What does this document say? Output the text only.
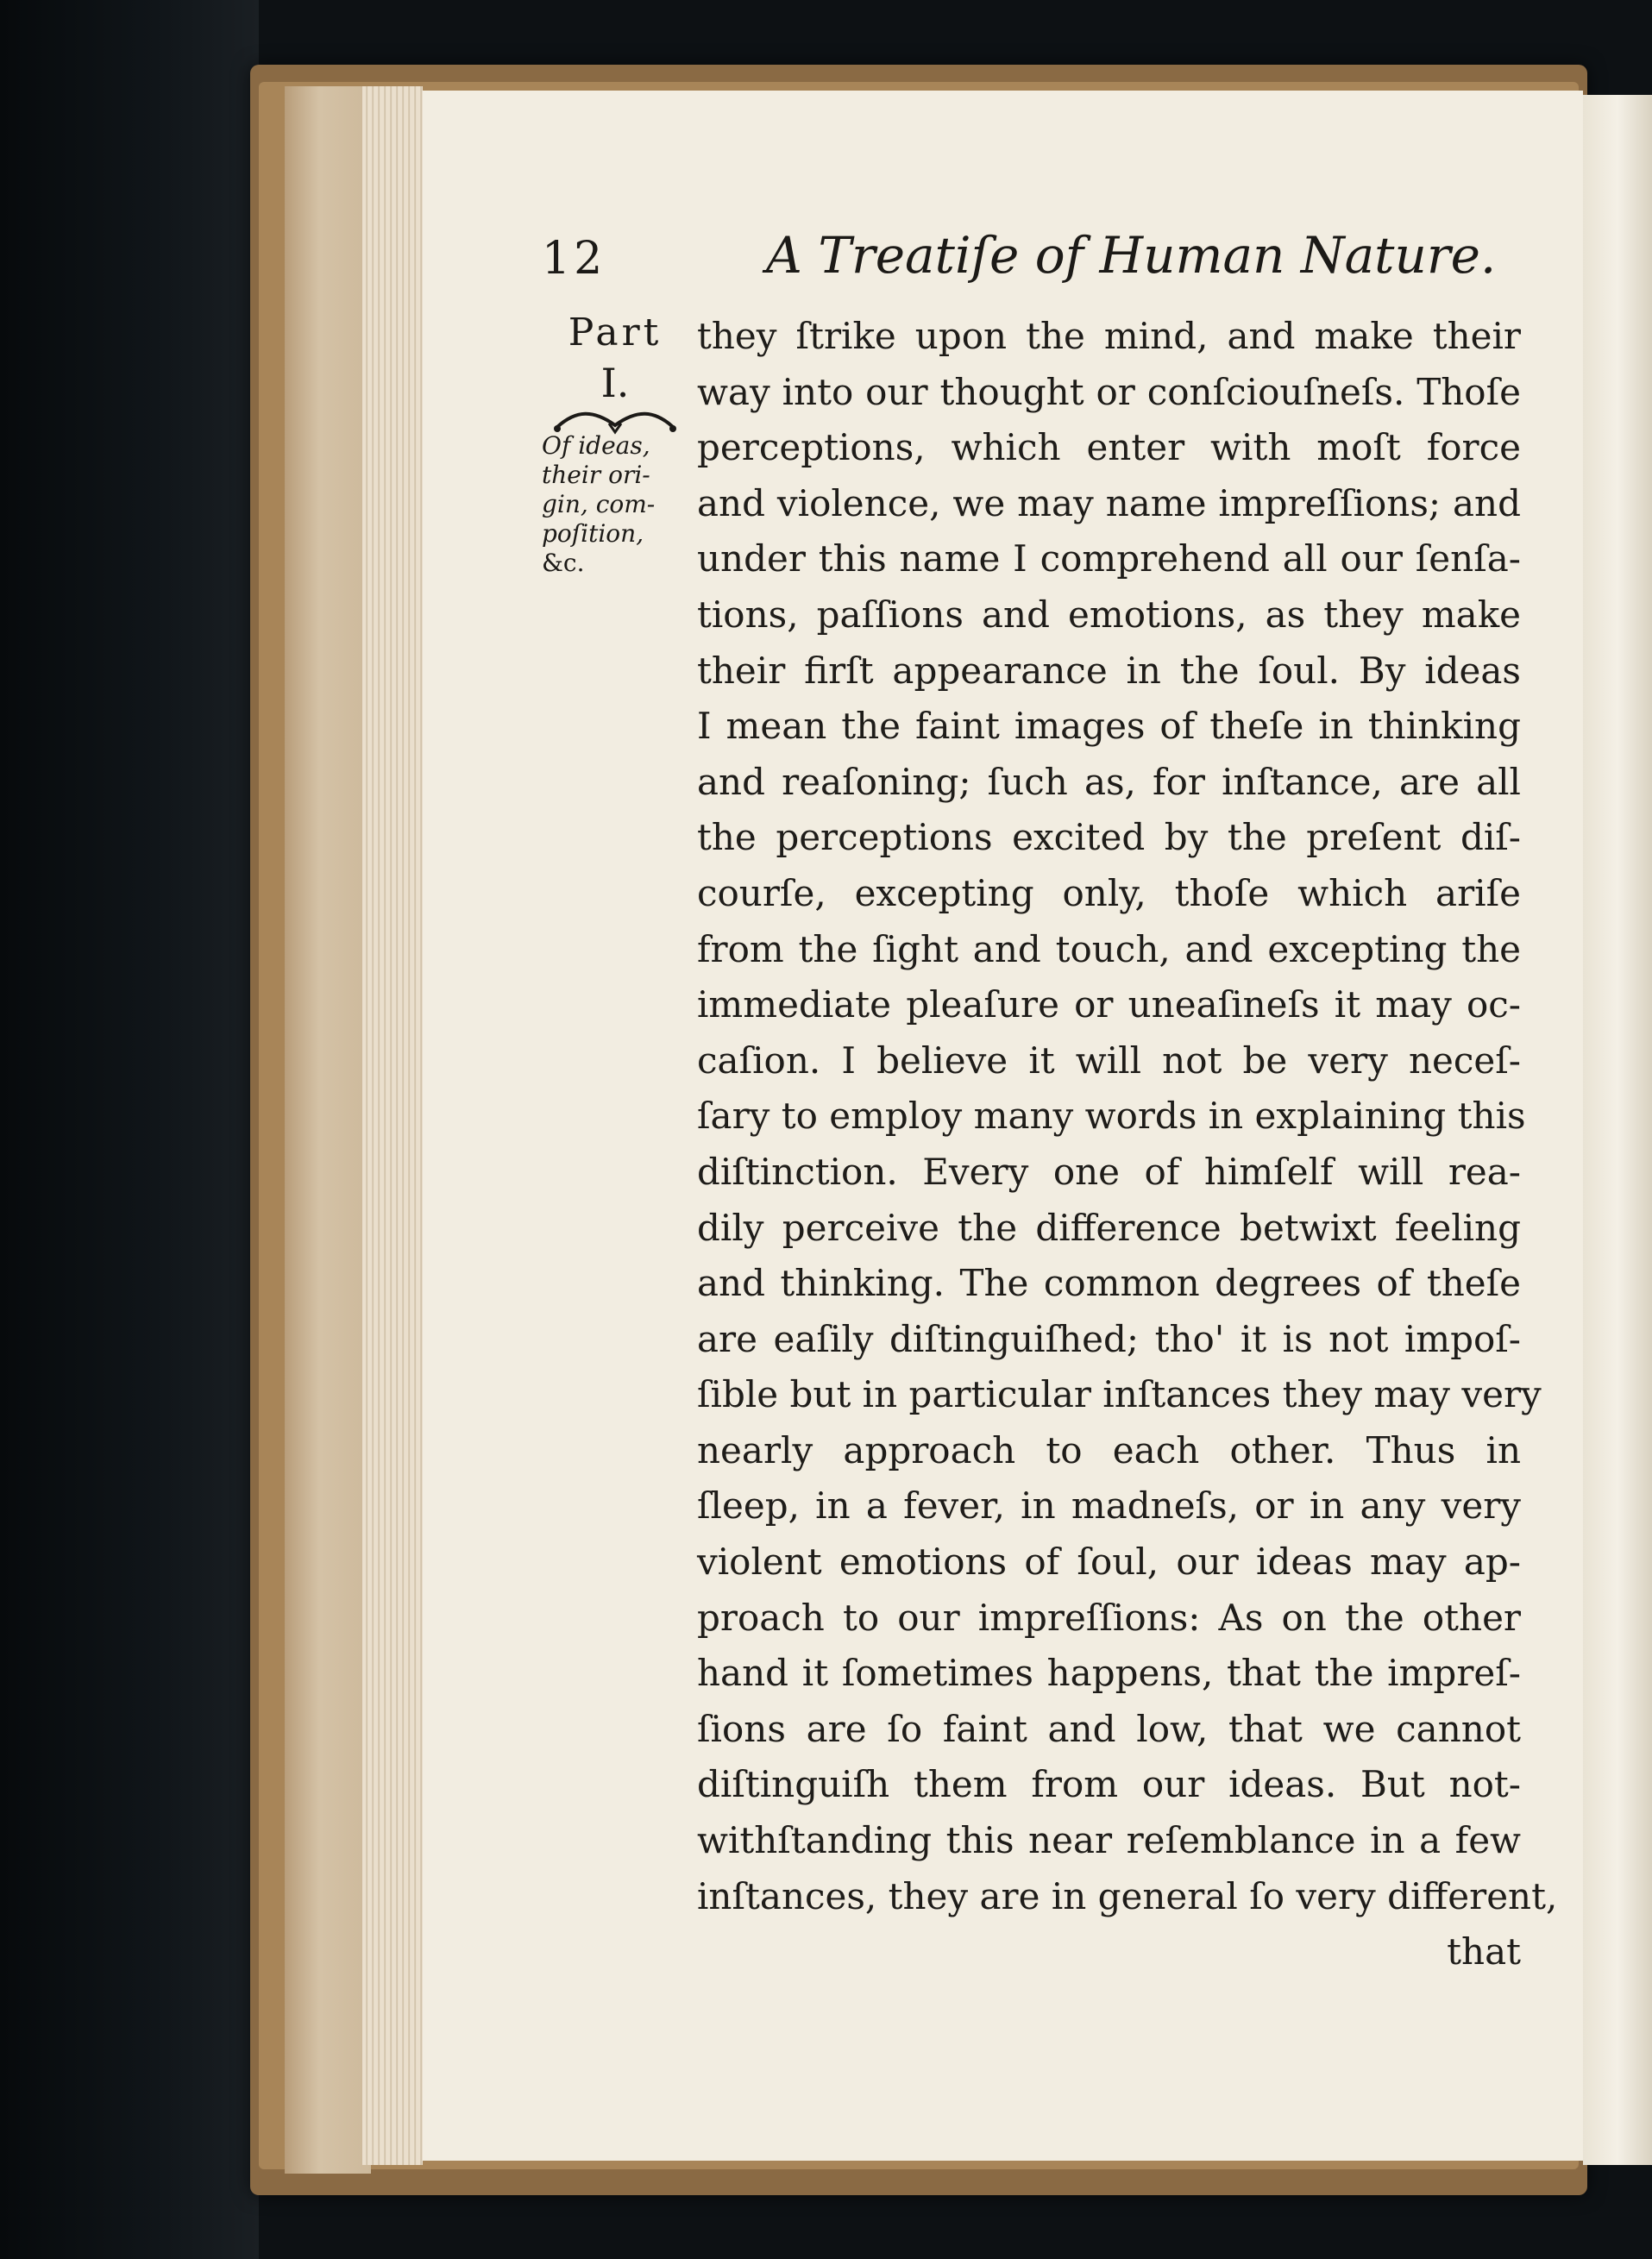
12	A Treatiſe of Human Nature.
Part
I.
Of ideas,
their ori-
gin, com-
poſition,
&c.
they ſtrike upon the mind, and make their
way into our thought or conſciouſneſs. Thoſe
perceptions, which enter with moſt force
and violence, we may name impreſſions; and
under this name I comprehend all our ſenſa-
tions, paſſions and emotions, as they make
their firſt appearance in the ſoul. By ideas
I mean the faint images of theſe in thinking
and reaſoning; ſuch as, for inſtance, are all
the perceptions excited by the preſent diſ-
courſe, excepting only, thoſe which ariſe
from the ſight and touch, and excepting the
immediate pleaſure or uneaſineſs it may oc-
caſion. I believe it will not be very neceſ-
ſary to employ many words in explaining this
diſtinction. Every one of himſelf will rea-
dily perceive the difference betwixt feeling
and thinking. The common degrees of theſe
are eaſily diſtinguiſhed; tho' it is not impoſ-
ſible but in particular inſtances they may very
nearly approach to each other. Thus in
ſleep, in a fever, in madneſs, or in any very
violent emotions of ſoul, our ideas may ap-
proach to our impreſſions: As on the other
hand it ſometimes happens, that the impreſ-
ſions are ſo faint and low, that we cannot
diſtinguiſh them from our ideas. But not-
withſtanding this near reſemblance in a few
inſtances, they are in general ſo very different,
that
